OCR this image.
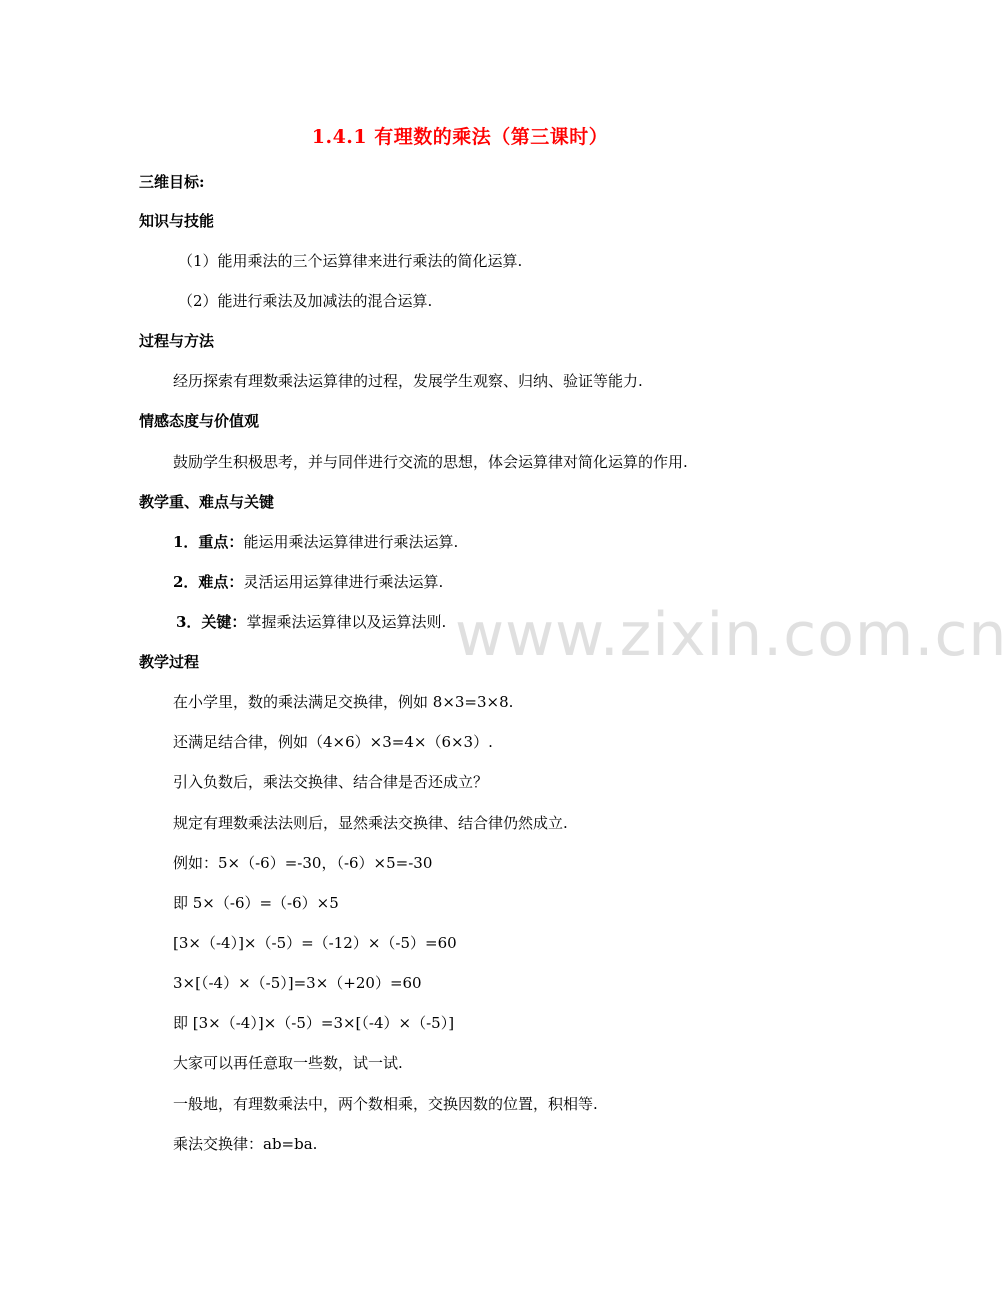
www.zixin.com.cn
1.4.1 有理数的乘法（第三课时）
三维目标:
知识与技能
（1）能用乘法的三个运算律来进行乘法的简化运算.
（2）能进行乘法及加减法的混合运算.
过程与方法
经历探索有理数乘法运算律的过程，发展学生观察、归纳、验证等能力.
情感态度与价值观
鼓励学生积极思考，并与同伴进行交流的思想，体会运算律对简化运算的作用.
教学重、难点与关键
1．重点：能运用乘法运算律进行乘法运算.
2．难点：灵活运用运算律进行乘法运算.
3．关键：掌握乘法运算律以及运算法则.
教学过程
在小学里，数的乘法满足交换律，例如 8×3=3×8.
还满足结合律，例如（4×6）×3=4×（6×3）.
引入负数后，乘法交换律、结合律是否还成立？
规定有理数乘法法则后，显然乘法交换律、结合律仍然成立.
例如：5×（-6）=-30，（-6）×5=-30
即 5×（-6）=（-6）×5
[3×（-4）]×（-5）=（-12）×（-5）=60
3×[（-4）×（-5）]=3×（+20）=60
即 [3×（-4）]×（-5）=3×[（-4）×（-5）]
大家可以再任意取一些数，试一试.
一般地，有理数乘法中，两个数相乘，交换因数的位置，积相等.
乘法交换律：ab=ba.
